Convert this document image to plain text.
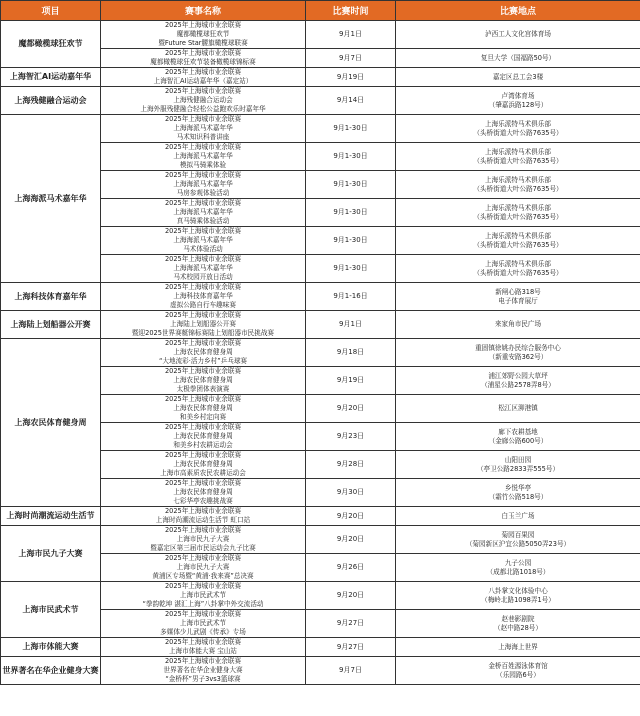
项目	赛事名称	比赛时间	比赛地点
魔都橄榄球狂欢节	2025年上海城市业余联赛
魔都橄榄球狂欢节
暨Future Star腰旗橄榄球联赛	9月1日	泸西工人文化宫体育场

	2025年上海城市业余联赛
魔都橄榄球狂欢节装备橄榄球锦标赛	9月7日	复旦大学（国福路50号）

上海智汇AI运动嘉年华	2025年上海城市业余联赛
上海智汇AI运动嘉年华（嘉定站）	9月19日	嘉定区总工会3楼

上海残健融合运动会	2025年上海城市业余联赛
上海残健融合运动会
上海外服残健融合轻松公益跑欢乐时嘉年华	9月14日	卢湾体育场
（肇嘉浜路128号）

上海海派马术嘉年华	2025年上海城市业余联赛
上海海派马术嘉年华
马术知识科普讲座	9月1-30日	上海乐派特马术俱乐部
（头桥街道大叶公路7635号）

	2025年上海城市业余联赛
上海海派马术嘉年华
模拟马骑乘体验	9月1-30日	上海乐派特马术俱乐部
（头桥街道大叶公路7635号）

	2025年上海城市业余联赛
上海海派马术嘉年华
马房参观体验活动	9月1-30日	上海乐派特马术俱乐部
（头桥街道大叶公路7635号）

	2025年上海城市业余联赛
上海海派马术嘉年华
真马骑乘体验活动	9月1-30日	上海乐派特马术俱乐部
（头桥街道大叶公路7635号）

	2025年上海城市业余联赛
上海海派马术嘉年华
马术体验活动	9月1-30日	上海乐派特马术俱乐部
（头桥街道大叶公路7635号）

	2025年上海城市业余联赛
上海海派马术嘉年华
马术校园开放日活动	9月1-30日	上海乐派特马术俱乐部
（头桥街道大叶公路7635号）

上海科技体育嘉年华	2025年上海城市业余联赛
上海科技体育嘉年华
虚拟公路自行车趣味赛	9月1-16日	新闸心路318号
电子体育展厅

上海陆上划船器公开赛	2025年上海城市业余联赛
上海陆上划船器公开赛
暨迎2025世界赛艇锦标赛陆上划船器市民挑战赛	9月1日	来家角市民广场

上海农民体育健身周	2025年上海城市业余联赛
上海农民体育健身周
“大地流彩·活力乡村”乒乓球赛	9月18日	重固镇徐姚办民综合服务中心
（新重安路362号）

	2025年上海城市业余联赛
上海农民体育健身周
太极拳团体表演赛	9月19日	浦江郊野公园大草坪
（浦星公路2578弄8号）

	2025年上海城市业余联赛
上海农民体育健身周
和美乡村定向赛	9月20日	松江区泖港镇

	2025年上海城市业余联赛
上海农民体育健身周
和美乡村农耕运动会	9月23日	廊下农耕基地
（金廊公路600号）

	2025年上海城市业余联赛
上海农民体育健身周
上海市高素质农民农耕运动会	9月28日	山阳田园
（亭卫公路2833弄555号）

	2025年上海城市业余联赛
上海农民体育健身周
七彩华亭农趣挑战赛	9月30日	乡悦华亭
（霜竹公路518号）

上海时尚潮流运动生活节	2025年上海城市业余联赛
上海时尚潮流运动生活节 虹口站	9月20日	白玉兰广场

上海市民九子大赛	2025年上海城市业余联赛
上海市民九子大赛
暨嘉定区第三届市民运动会九子比赛	9月20日	菊园百果园
（菊园新区沪宜公路5050弄23号）

	2025年上海城市业余联赛
上海市民九子大赛
黄浦区专场暨“黄浦·我来赛”总决赛	9月26日	九子公园
（成都北路1018号）

上海市民武术节	2025年上海城市业余联赛
上海市民武术节
“拳韵乾坤 湛汇上海”八卦掌中外交流活动	9月20日	八卦掌文化体验中心
（梅岭北路1098弄1号）

	2025年上海城市业余联赛
上海市民武术节
多媒体少儿武剧《传承》专场	9月27日	赵巷影剧院
（赵中路28号）

上海市体能大赛	2025年上海城市业余联赛
上海市体能大赛 宝山站	9月27日	上海海上世界

世界著名在华企业健身大赛	2025年上海城市业余联赛
世界著名在华企业健身大赛
“金桥杯”男子3vs3篮球赛	9月7日	金桥百姓源泳体育馆
（乐园路6号）
